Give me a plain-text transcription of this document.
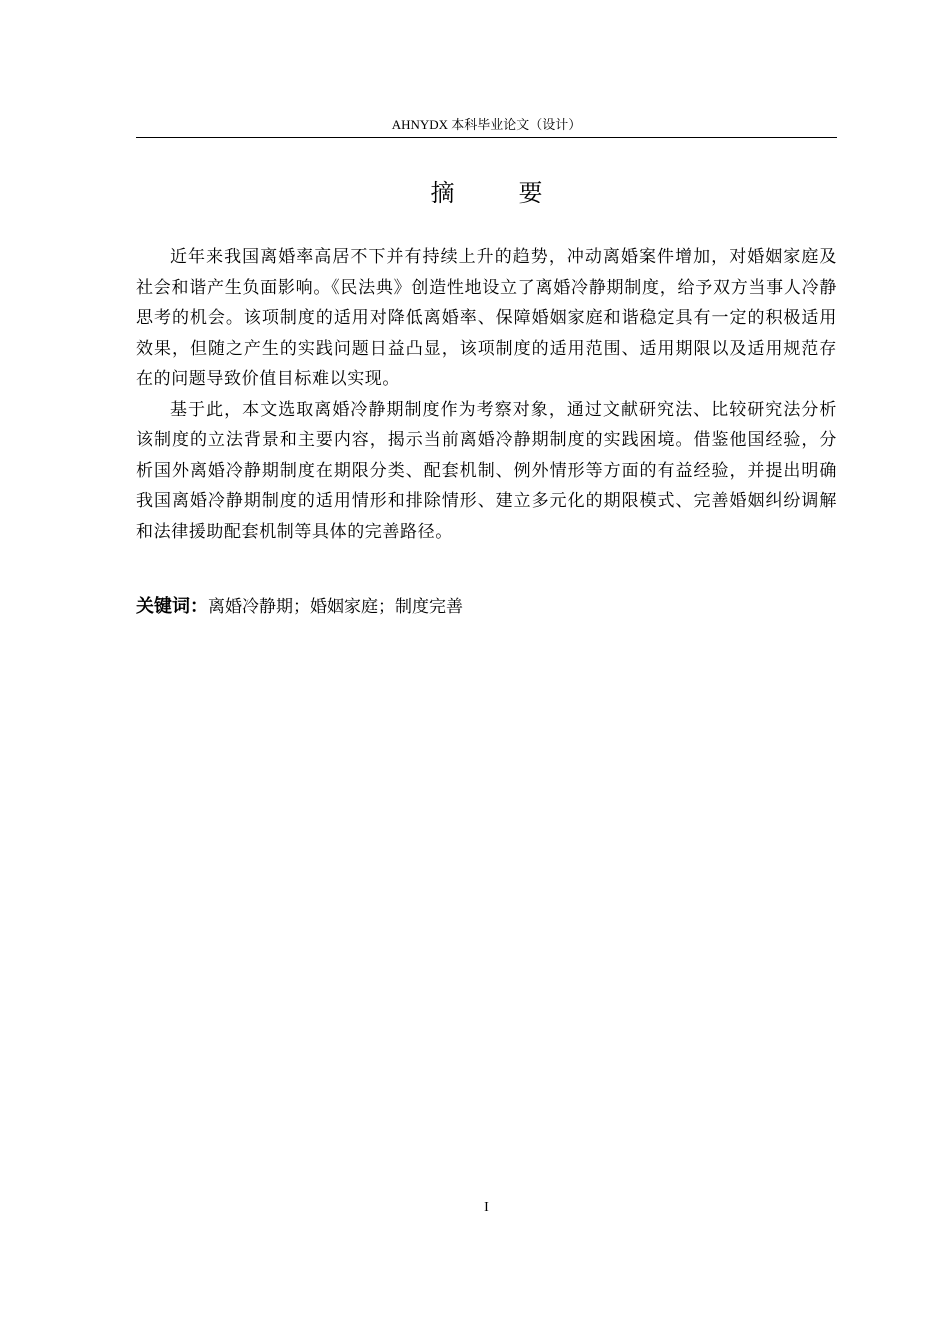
AHNYDX 本科毕业论文（设计）
摘　要

近年来我国离婚率高居不下并有持续上升的趋势，冲动离婚案件增加，对婚姻家庭及社会和谐产生负面影响。《民法典》创造性地设立了离婚冷静期制度，给予双方当事人冷静思考的机会。该项制度的适用对降低离婚率、保障婚姻家庭和谐稳定具有一定的积极适用效果，但随之产生的实践问题日益凸显，该项制度的适用范围、适用期限以及适用规范存在的问题导致价值目标难以实现。

基于此，本文选取离婚冷静期制度作为考察对象，通过文献研究法、比较研究法分析该制度的立法背景和主要内容，揭示当前离婚冷静期制度的实践困境。借鉴他国经验，分析国外离婚冷静期制度在期限分类、配套机制、例外情形等方面的有益经验，并提出明确我国离婚冷静期制度的适用情形和排除情形、建立多元化的期限模式、完善婚姻纠纷调解和法律援助配套机制等具体的完善路径。

关键词：离婚冷静期；婚姻家庭；制度完善
I
